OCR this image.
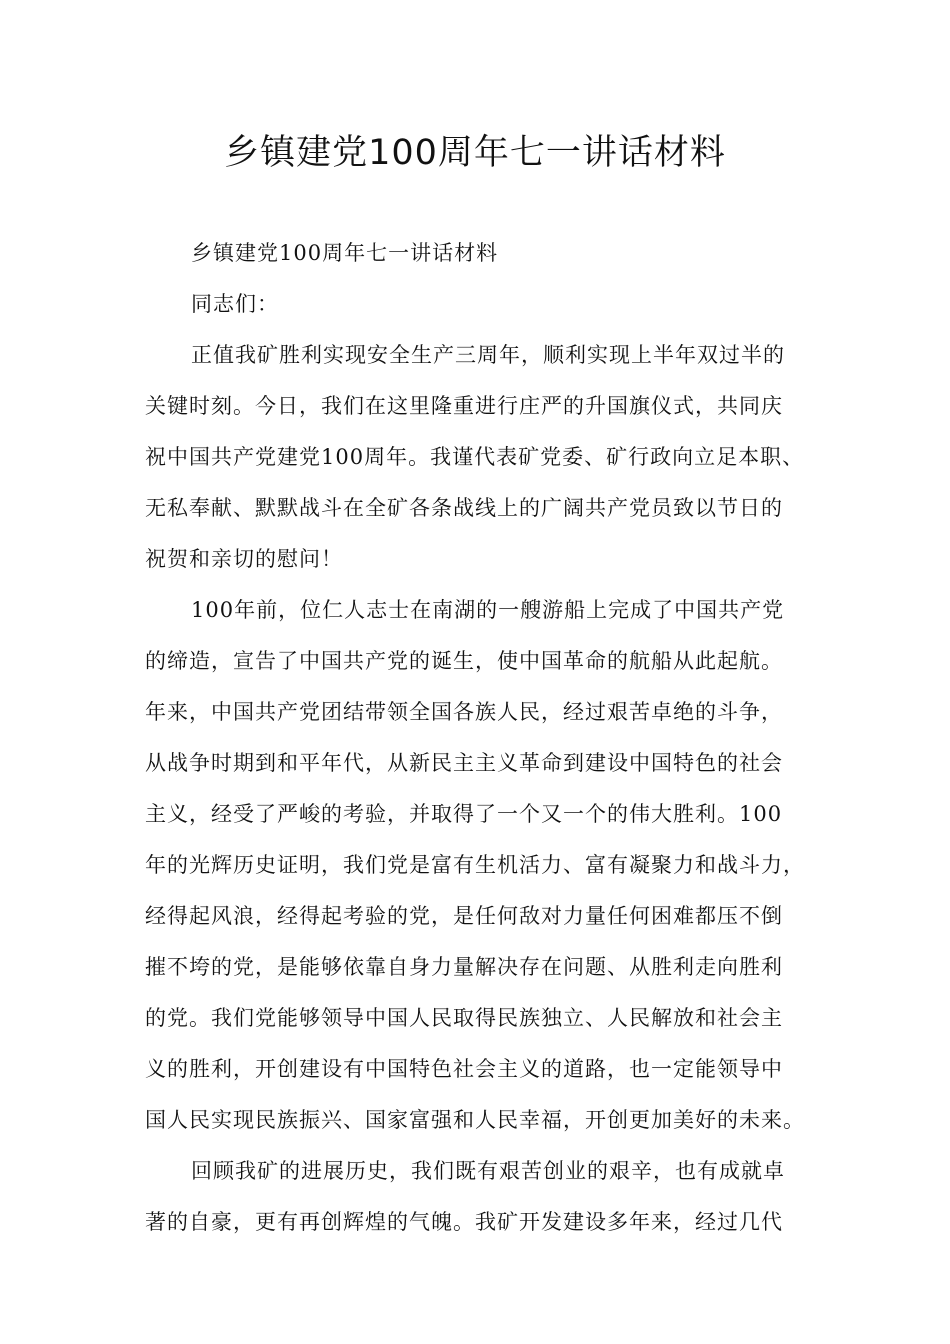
乡镇建党100周年七一讲话材料
乡镇建党100周年七一讲话材料
同志们：
正值我矿胜利实现安全生产三周年，顺利实现上半年双过半的
关键时刻。今日，我们在这里隆重进行庄严的升国旗仪式，共同庆
祝中国共产党建党100周年。我谨代表矿党委、矿行政向立足本职、
无私奉献、默默战斗在全矿各条战线上的广阔共产党员致以节日的
祝贺和亲切的慰问！
100年前，位仁人志士在南湖的一艘游船上完成了中国共产党
的缔造，宣告了中国共产党的诞生，使中国革命的航船从此起航。
年来，中国共产党团结带领全国各族人民，经过艰苦卓绝的斗争，
从战争时期到和平年代，从新民主主义革命到建设中国特色的社会
主义，经受了严峻的考验，并取得了一个又一个的伟大胜利。100
年的光辉历史证明，我们党是富有生机活力、富有凝聚力和战斗力，
经得起风浪，经得起考验的党，是任何敌对力量任何困难都压不倒
摧不垮的党，是能够依靠自身力量解决存在问题、从胜利走向胜利
的党。我们党能够领导中国人民取得民族独立、人民解放和社会主
义的胜利，开创建设有中国特色社会主义的道路，也一定能领导中
国人民实现民族振兴、国家富强和人民幸福，开创更加美好的未来。
回顾我矿的进展历史，我们既有艰苦创业的艰辛，也有成就卓
著的自豪，更有再创辉煌的气魄。我矿开发建设多年来，经过几代
